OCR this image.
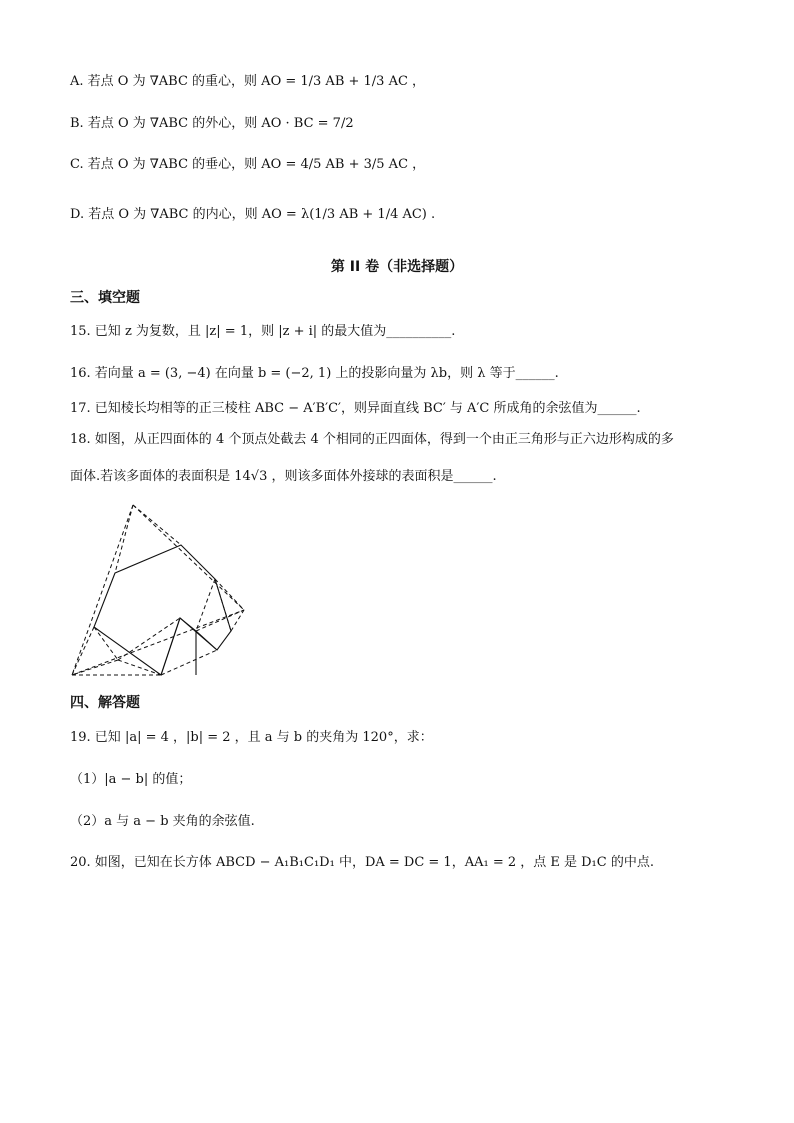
A. 若点 O 为 ∇ABC 的重心，则 AO = 1/3 AB + 1/3 AC ，
B. 若点 O 为 ∇ABC 的外心，则 AO · BC = 7/2
C. 若点 O 为 ∇ABC 的垂心，则 AO = 4/5 AB + 3/5 AC ，
D. 若点 O 为 ∇ABC 的内心，则 AO = λ(1/3 AB + 1/4 AC) .
第 II 卷（非选择题）
三、填空题
15. 已知 z 为复数，且 |z| = 1，则 |z + i| 的最大值为__________.
16. 若向量 a = (3, −4) 在向量 b = (−2, 1) 上的投影向量为 λb，则 λ 等于______.
17. 已知棱长均相等的正三棱柱 ABC − A′B′C′，则异面直线 BC′ 与 A′C 所成角的余弦值为______.
18. 如图，从正四面体的 4 个顶点处截去 4 个相同的正四面体，得到一个由正三角形与正六边形构成的多
面体.若该多面体的表面积是 14√3 ，则该多面体外接球的表面积是______.
四、解答题
19. 已知 |a| = 4 ，|b| = 2 ，且 a 与 b 的夹角为 120°，求：
（1）|a − b| 的值；
（2）a 与 a − b 夹角的余弦值.
20. 如图，已知在长方体 ABCD − A₁B₁C₁D₁ 中，DA = DC = 1，AA₁ = 2 ，点 E 是 D₁C 的中点.
